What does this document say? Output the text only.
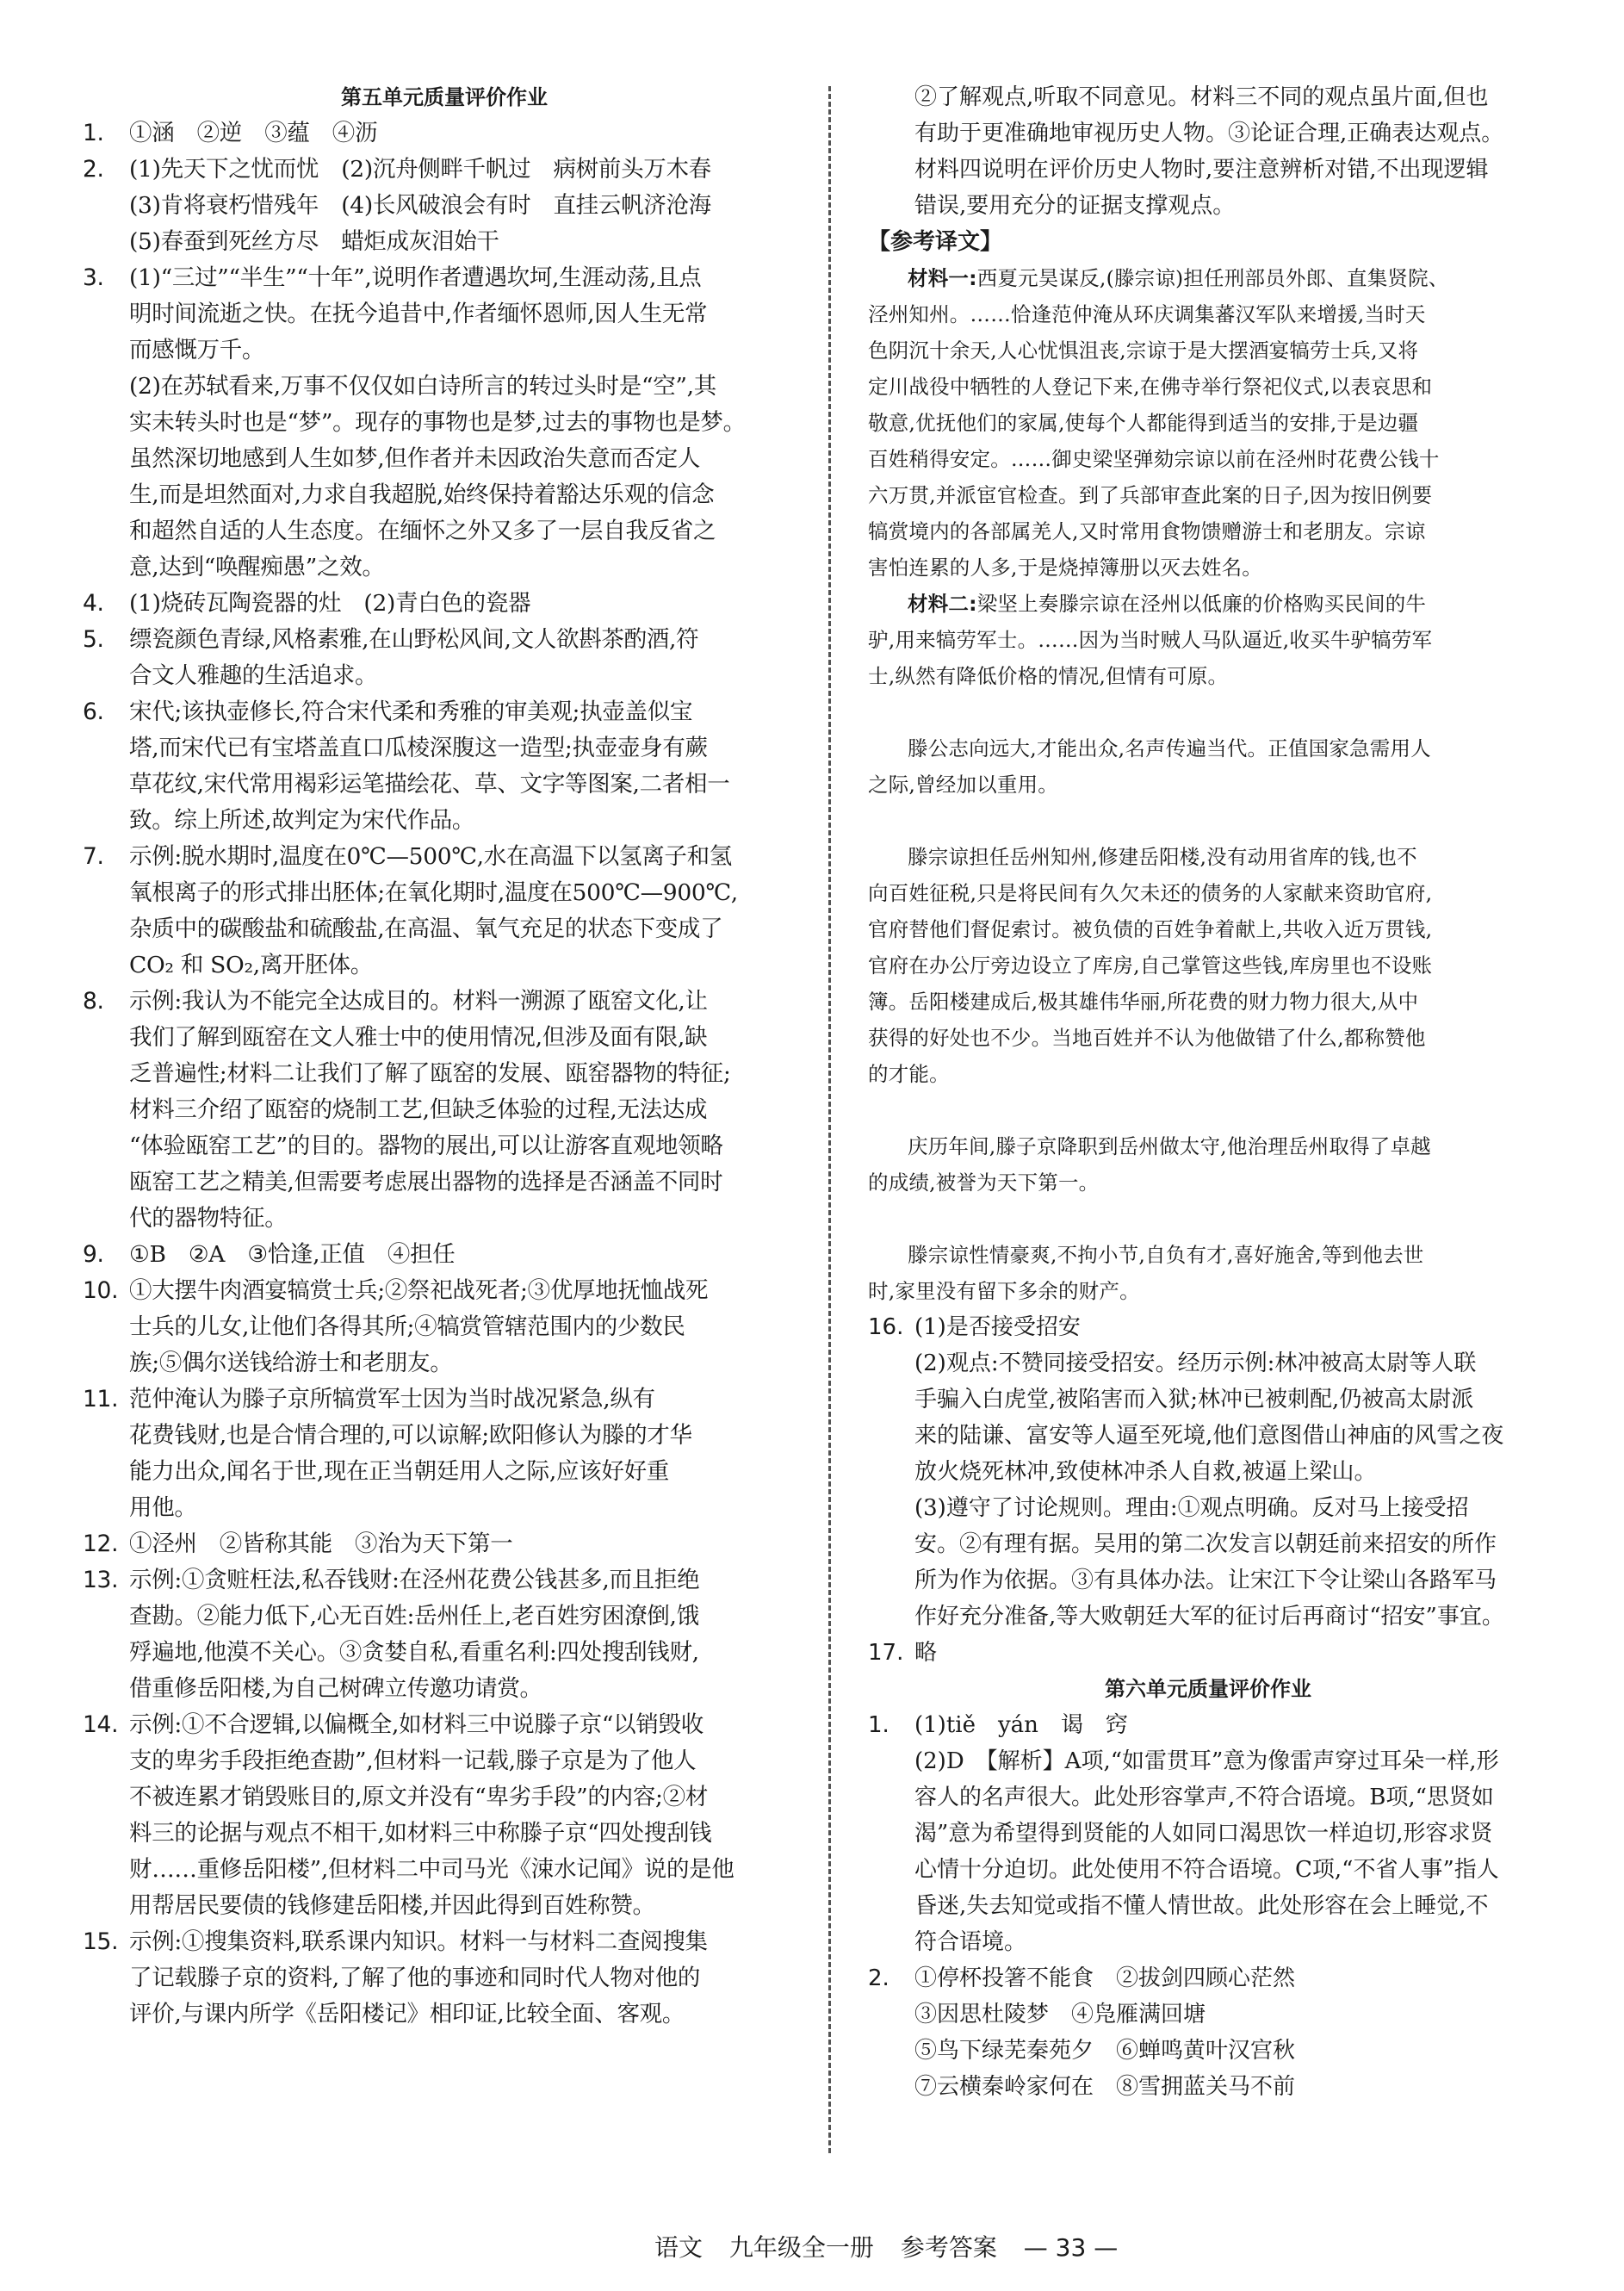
第五单元质量评价作业
1. ①涵　②逆　③蕴　④沥
2. (1)先天下之忧而忧　(2)沉舟侧畔千帆过　病树前头万木春
(3)肯将衰朽惜残年　(4)长风破浪会有时　直挂云帆济沧海
(5)春蚕到死丝方尽　蜡炬成灰泪始干
3. (1)“三过”“半生”“十年”,说明作者遭遇坎坷,生涯动荡,且点
明时间流逝之快。在抚今追昔中,作者缅怀恩师,因人生无常
而感慨万千。
(2)在苏轼看来,万事不仅仅如白诗所言的转过头时是“空”,其
实未转头时也是“梦”。现存的事物也是梦,过去的事物也是梦。
虽然深切地感到人生如梦,但作者并未因政治失意而否定人
生,而是坦然面对,力求自我超脱,始终保持着豁达乐观的信念
和超然自适的人生态度。在缅怀之外又多了一层自我反省之
意,达到“唤醒痴愚”之效。
4. (1)烧砖瓦陶瓷器的灶　(2)青白色的瓷器
5. 缥瓷颜色青绿,风格素雅,在山野松风间,文人欲斟茶酌酒,符
合文人雅趣的生活追求。
6. 宋代;该执壶修长,符合宋代柔和秀雅的审美观;执壶盖似宝
塔,而宋代已有宝塔盖直口瓜棱深腹这一造型;执壶壶身有蕨
草花纹,宋代常用褐彩运笔描绘花、草、文字等图案,二者相一
致。综上所述,故判定为宋代作品。
7. 示例:脱水期时,温度在0℃—500℃,水在高温下以氢离子和氢
氧根离子的形式排出胚体;在氧化期时,温度在500℃—900℃,
杂质中的碳酸盐和硫酸盐,在高温、氧气充足的状态下变成了
CO₂ 和 SO₂,离开胚体。
8. 示例:我认为不能完全达成目的。材料一溯源了瓯窑文化,让
我们了解到瓯窑在文人雅士中的使用情况,但涉及面有限,缺
乏普遍性;材料二让我们了解了瓯窑的发展、瓯窑器物的特征;
材料三介绍了瓯窑的烧制工艺,但缺乏体验的过程,无法达成
“体验瓯窑工艺”的目的。器物的展出,可以让游客直观地领略
瓯窑工艺之精美,但需要考虑展出器物的选择是否涵盖不同时
代的器物特征。
9. ①B　②A　③恰逢,正值　④担任
10. ①大摆牛肉酒宴犒赏士兵;②祭祀战死者;③优厚地抚恤战死
士兵的儿女,让他们各得其所;④犒赏管辖范围内的少数民
族;⑤偶尔送钱给游士和老朋友。
11. 范仲淹认为滕子京所犒赏军士因为当时战况紧急,纵有
花费钱财,也是合情合理的,可以谅解;欧阳修认为滕的才华
能力出众,闻名于世,现在正当朝廷用人之际,应该好好重
用他。
12. ①泾州　②皆称其能　③治为天下第一
13. 示例:①贪赃枉法,私吞钱财:在泾州花费公钱甚多,而且拒绝
查勘。②能力低下,心无百姓:岳州任上,老百姓穷困潦倒,饿
殍遍地,他漠不关心。③贪婪自私,看重名利:四处搜刮钱财,
借重修岳阳楼,为自己树碑立传邀功请赏。
14. 示例:①不合逻辑,以偏概全,如材料三中说滕子京“以销毁收
支的卑劣手段拒绝查勘”,但材料一记载,滕子京是为了他人
不被连累才销毁账目的,原文并没有“卑劣手段”的内容;②材
料三的论据与观点不相干,如材料三中称滕子京“四处搜刮钱
财……重修岳阳楼”,但材料二中司马光《涑水记闻》说的是他
用帮居民要债的钱修建岳阳楼,并因此得到百姓称赞。
15. 示例:①搜集资料,联系课内知识。材料一与材料二查阅搜集
了记载滕子京的资料,了解了他的事迹和同时代人物对他的
评价,与课内所学《岳阳楼记》相印证,比较全面、客观。
②了解观点,听取不同意见。材料三不同的观点虽片面,但也
有助于更准确地审视历史人物。③论证合理,正确表达观点。
材料四说明在评价历史人物时,要注意辨析对错,不出现逻辑
错误,要用充分的证据支撑观点。
【参考译文】
材料一:西夏元昊谋反,(滕宗谅)担任刑部员外郎、直集贤院、
泾州知州。……恰逢范仲淹从环庆调集蕃汉军队来增援,当时天
色阴沉十余天,人心忧惧沮丧,宗谅于是大摆酒宴犒劳士兵,又将
定川战役中牺牲的人登记下来,在佛寺举行祭祀仪式,以表哀思和
敬意,优抚他们的家属,使每个人都能得到适当的安排,于是边疆
百姓稍得安定。……御史梁坚弹劾宗谅以前在泾州时花费公钱十
六万贯,并派宦官检查。到了兵部审查此案的日子,因为按旧例要
犒赏境内的各部属羌人,又时常用食物馈赠游士和老朋友。宗谅
害怕连累的人多,于是烧掉簿册以灭去姓名。
材料二:梁坚上奏滕宗谅在泾州以低廉的价格购买民间的牛
驴,用来犒劳军士。……因为当时贼人马队逼近,收买牛驴犒劳军
士,纵然有降低价格的情况,但情有可原。
滕公志向远大,才能出众,名声传遍当代。正值国家急需用人
之际,曾经加以重用。
滕宗谅担任岳州知州,修建岳阳楼,没有动用省库的钱,也不
向百姓征税,只是将民间有久欠未还的债务的人家献来资助官府,
官府替他们督促索讨。被负债的百姓争着献上,共收入近万贯钱,
官府在办公厅旁边设立了库房,自己掌管这些钱,库房里也不设账
簿。岳阳楼建成后,极其雄伟华丽,所花费的财力物力很大,从中
获得的好处也不少。当地百姓并不认为他做错了什么,都称赞他
的才能。
庆历年间,滕子京降职到岳州做太守,他治理岳州取得了卓越
的成绩,被誉为天下第一。
滕宗谅性情豪爽,不拘小节,自负有才,喜好施舍,等到他去世
时,家里没有留下多余的财产。
16. (1)是否接受招安
(2)观点:不赞同接受招安。经历示例:林冲被高太尉等人联
手骗入白虎堂,被陷害而入狱;林冲已被刺配,仍被高太尉派
来的陆谦、富安等人逼至死境,他们意图借山神庙的风雪之夜
放火烧死林冲,致使林冲杀人自救,被逼上梁山。
(3)遵守了讨论规则。理由:①观点明确。反对马上接受招
安。②有理有据。吴用的第二次发言以朝廷前来招安的所作
所为作为依据。③有具体办法。让宋江下令让梁山各路军马
作好充分准备,等大败朝廷大军的征讨后再商讨“招安”事宜。
17. 略
第六单元质量评价作业
1. (1)tiě　yán　谒　窍
(2)D　【解析】A项,“如雷贯耳”意为像雷声穿过耳朵一样,形
容人的名声很大。此处形容掌声,不符合语境。B项,“思贤如
渴”意为希望得到贤能的人如同口渴思饮一样迫切,形容求贤
心情十分迫切。此处使用不符合语境。C项,“不省人事”指人
昏迷,失去知觉或指不懂人情世故。此处形容在会上睡觉,不
符合语境。
2. ①停杯投箸不能食　②拔剑四顾心茫然
③因思杜陵梦　④凫雁满回塘
⑤鸟下绿芜秦苑夕　⑥蝉鸣黄叶汉宫秋
⑦云横秦岭家何在　⑧雪拥蓝关马不前
语文 九年级全一册 参考答案 — 33 —
